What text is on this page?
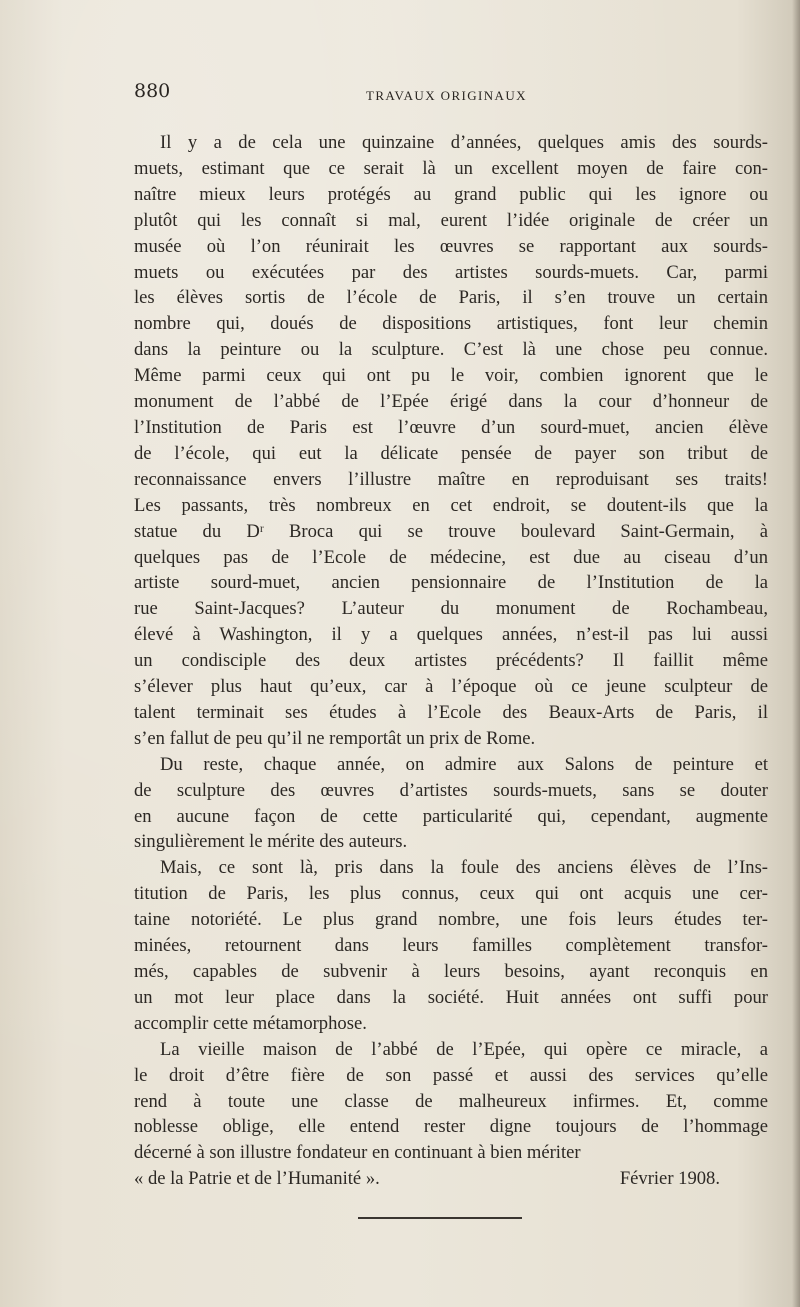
880	TRAVAUX ORIGINAUX
Il y a de cela une quinzaine d’années, quelques amis des sourds-
muets, estimant que ce serait là un excellent moyen de faire con-
naître mieux leurs protégés au grand public qui les ignore ou
plutôt qui les connaît si mal, eurent l’idée originale de créer un
musée où l’on réunirait les œuvres se rapportant aux sourds-
muets ou exécutées par des artistes sourds-muets. Car, parmi
les élèves sortis de l’école de Paris, il s’en trouve un certain
nombre qui, doués de dispositions artistiques, font leur chemin
dans la peinture ou la sculpture. C’est là une chose peu connue.
Même parmi ceux qui ont pu le voir, combien ignorent que le
monument de l’abbé de l’Epée érigé dans la cour d’honneur de
l’Institution de Paris est l’œuvre d’un sourd-muet, ancien élève
de l’école, qui eut la délicate pensée de payer son tribut de
reconnaissance envers l’illustre maître en reproduisant ses traits!
Les passants, très nombreux en cet endroit, se doutent-ils que la
statue du Dʳ Broca qui se trouve boulevard Saint-Germain, à
quelques pas de l’Ecole de médecine, est due au ciseau d’un
artiste sourd-muet, ancien pensionnaire de l’Institution de la
rue Saint-Jacques? L’auteur du monument de Rochambeau,
élevé à Washington, il y a quelques années, n’est-il pas lui aussi
un condisciple des deux artistes précédents? Il faillit même
s’élever plus haut qu’eux, car à l’époque où ce jeune sculpteur de
talent terminait ses études à l’Ecole des Beaux-Arts de Paris, il
s’en fallut de peu qu’il ne remportât un prix de Rome.
Du reste, chaque année, on admire aux Salons de peinture et
de sculpture des œuvres d’artistes sourds-muets, sans se douter
en aucune façon de cette particularité qui, cependant, augmente
singulièrement le mérite des auteurs.
Mais, ce sont là, pris dans la foule des anciens élèves de l’Ins-
titution de Paris, les plus connus, ceux qui ont acquis une cer-
taine notoriété. Le plus grand nombre, une fois leurs études ter-
minées, retournent dans leurs familles complètement transfor-
més, capables de subvenir à leurs besoins, ayant reconquis en
un mot leur place dans la société. Huit années ont suffi pour
accomplir cette métamorphose.
La vieille maison de l’abbé de l’Epée, qui opère ce miracle, a
le droit d’être fière de son passé et aussi des services qu’elle
rend à toute une classe de malheureux infirmes. Et, comme
noblesse oblige, elle entend rester digne toujours de l’hommage
décerné à son illustre fondateur en continuant à bien mériter
« de la Patrie et de l’Humanité ».	Février 1908.
